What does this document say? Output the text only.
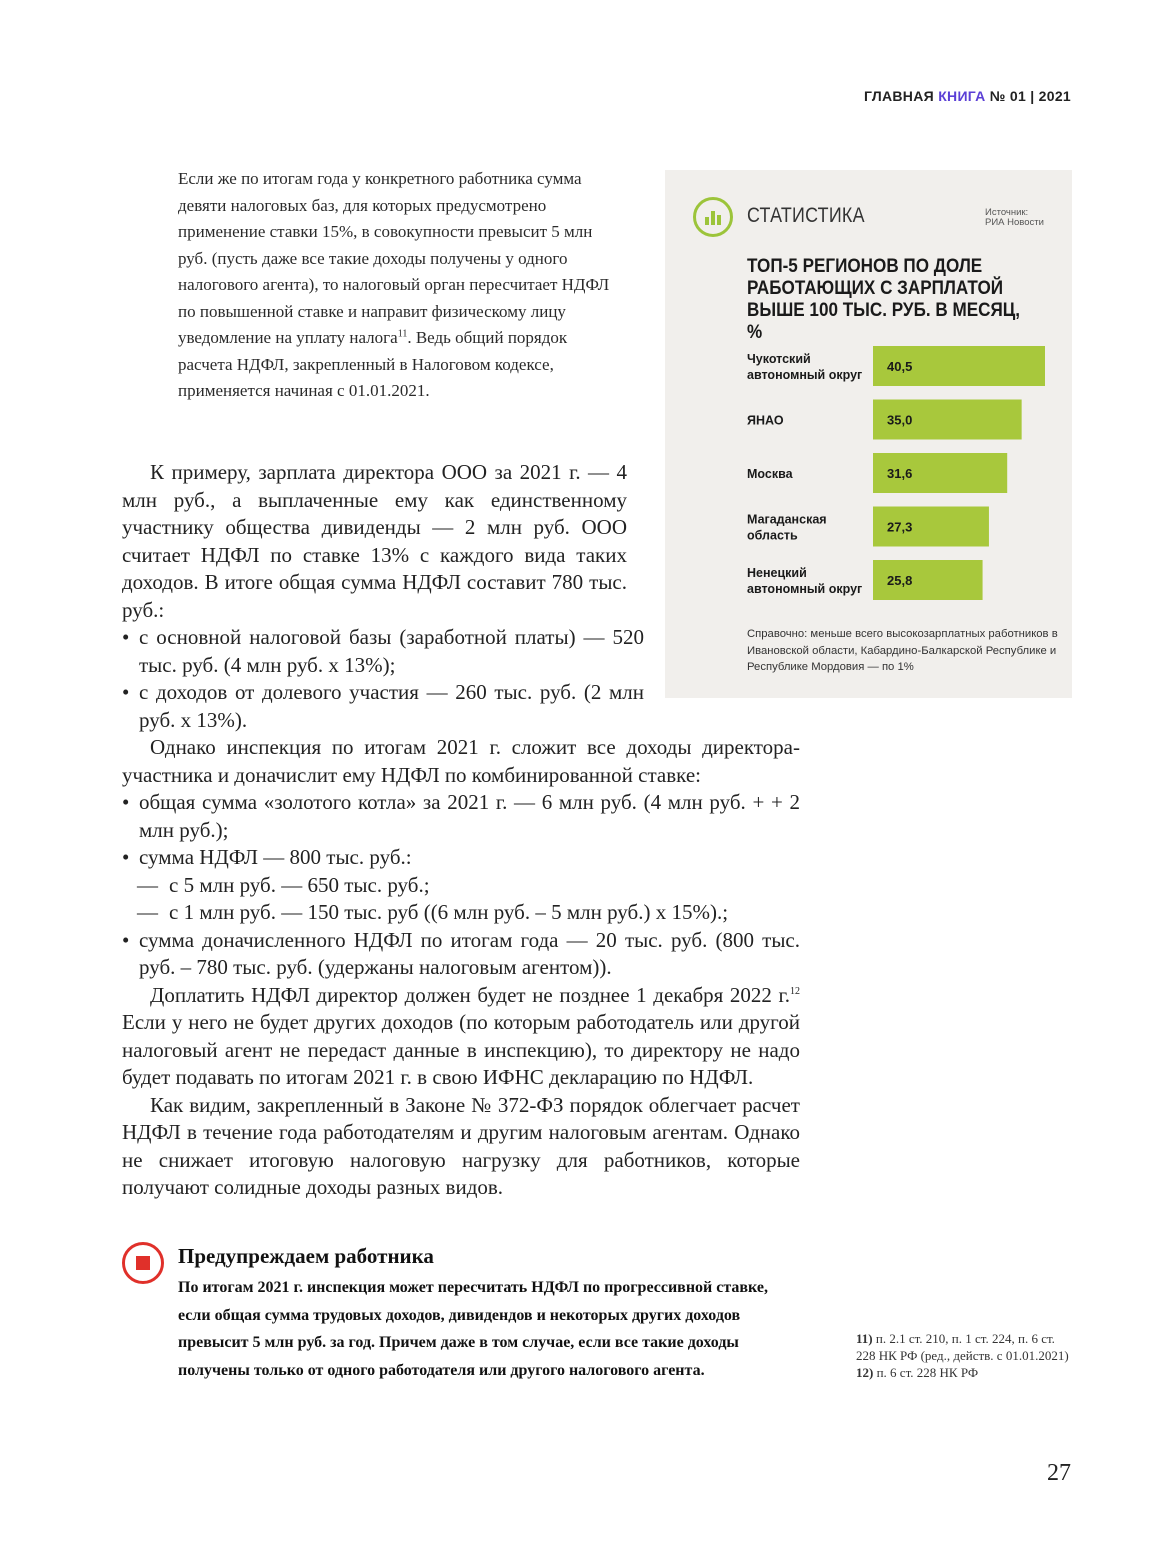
ГЛАВНАЯ КНИГА № 01 | 2021

Если же по итогам года у конкретного работника сумма девяти налоговых баз, для которых предусмотрено применение ставки 15%, в совокупности превысит 5 млн руб. (пусть даже все такие доходы получены у одного налогового агента), то налоговый орган пересчитает НДФЛ по повышенной ставке и направит физическому лицу уведомление на уплату налога$^{11}$. Ведь общий порядок расчета НДФЛ, закрепленный в Налоговом кодексе, применяется начиная с 01.01.2021.

К примеру, зарплата директора ООО за 2021 г. — 4 млн руб., а выплаченные ему как единственному участнику общества дивиденды — 2 млн руб. ООО считает НДФЛ по ставке 13% с каждого вида таких доходов. В итоге общая сумма НДФЛ составит 780 тыс. руб.:

• с основной налоговой базы (заработной платы) — 520 тыс. руб. (4 млн руб. х 13%);

• с доходов от долевого участия — 260 тыс. руб. (2 млн руб. х 13%).

Однако инспекция по итогам 2021 г. сложит все доходы директора-участника и доначислит ему НДФЛ по комбинированной ставке:

• общая сумма «золотого котла» за 2021 г. — 6 млн руб. (4 млн руб. + + 2 млн руб.);

• сумма НДФЛ — 800 тыс. руб.:

— с 5 млн руб. — 650 тыс. руб.;

— с 1 млн руб. — 150 тыс. руб ((6 млн руб. – 5 млн руб.) х 15%).;

• сумма доначисленного НДФЛ по итогам года — 20 тыс. руб. (800 тыс. руб. – 780 тыс. руб. (удержаны налоговым агентом)).

Доплатить НДФЛ директор должен будет не позднее 1 декабря 2022 г.$^{12}$ Если у него не будет других доходов (по которым работодатель или другой налоговый агент не передаст данные в инспекцию), то директору не надо будет подавать по итогам 2021 г. в свою ИФНС декларацию по НДФЛ.

Как видим, закрепленный в Законе № 372-ФЗ порядок облегчает расчет НДФЛ в течение года работодателям и другим налоговым агентам. Однако не снижает итоговую налоговую нагрузку для работников, которые получают солидные доходы разных видов.

СТАТИСТИКА	Источник:
РИА Новости
ТОП-5 РЕГИОНОВ ПО ДОЛЕ РАБОТАЮЩИХ С ЗАРПЛАТОЙ ВЫШЕ 100 ТЫС. РУБ. В МЕСЯЦ, %
40,5
Чукотский
автономный округ
35,0
ЯНАО
31,6
Москва
27,3
Магаданская
область
25,8
Ненецкий
автономный округ
Справочно: меньше всего высокозарплатных работников в Ивановской области, Кабардино-Балкарской Республике и Республике Мордовия — по 1%
Предупреждаем работника
По итогам 2021 г. инспекция может пересчитать НДФЛ по прогрессивной ставке, если общая сумма трудовых доходов, дивидендов и некоторых других доходов превысит 5 млн руб. за год. Причем даже в том случае, если все такие доходы получены только от одного работодателя или другого налогового агента.

11) п. 2.1 ст. 210, п. 1 ст. 224, п. 6 ст. 228 НК РФ (ред., действ. с 01.01.2021)

12) п. 6 ст. 228 НК РФ

27
